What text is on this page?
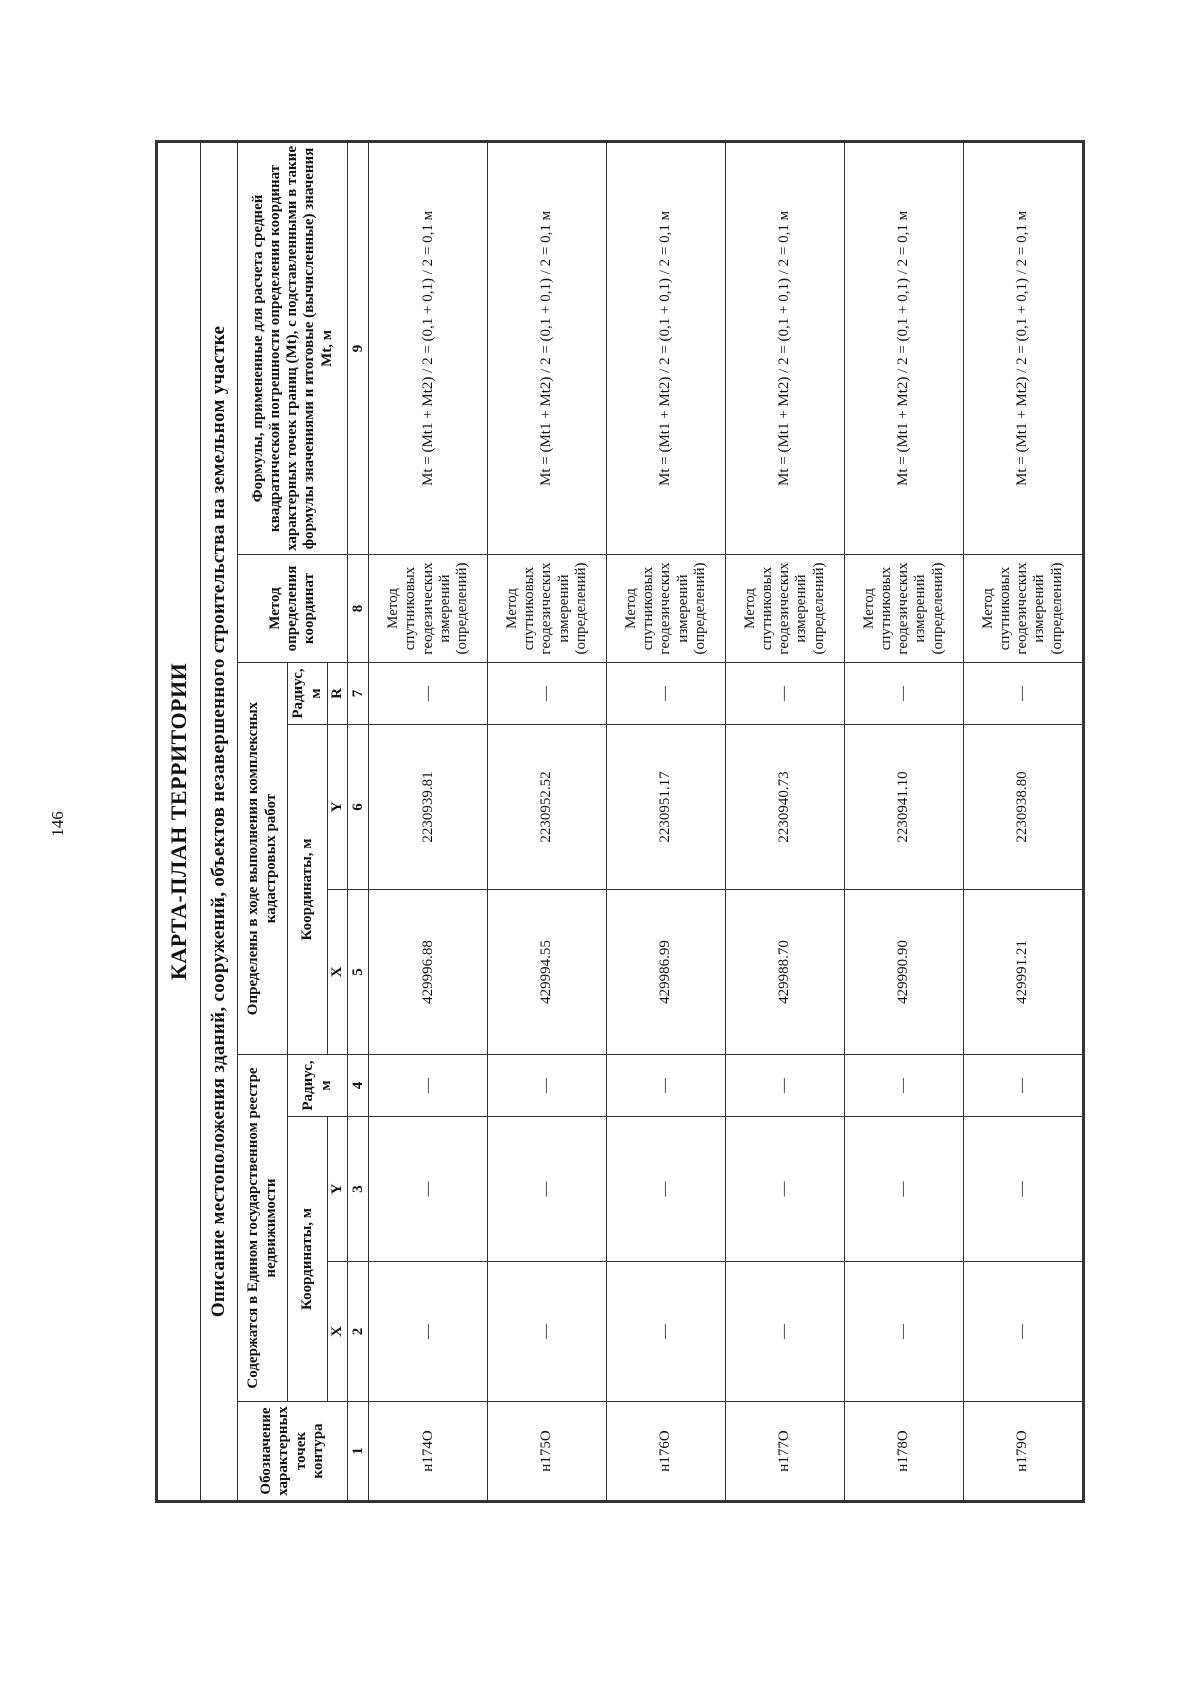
146	КАРТА-ПЛАН ТЕРРИТОРИИ								
Описание местоположения зданий, сооружений, объектов незавершенного строительства на земельном участке								
Обозначение характерных точек контура	Содержатся в Едином государственном реестре недвижимости			Определены в ходе выполнения комплексных кадастровых работ			Метод определения координат	Формулы, примененные для расчета средней квадратической погрешности определения координат характерных точек границ (Mt), с подставленными в такие формулы значениями и итоговые (вычисленные) значения Mt, м
	Координаты, м		Радиус, м	Координаты, м		Радиус, м		
	X	Y		X	Y	R		
1	2	3	4	5	6	7	8	9
н174О	—	—	—	429996.88	2230939.81	—	Метод спутниковых геодезических измерений (определений)	Mt = (Mt1 + Mt2) / 2 = (0,1 + 0,1) / 2 = 0,1 м
н175О	—	—	—	429994.55	2230952.52	—	Метод спутниковых геодезических измерений (определений)	Mt = (Mt1 + Mt2) / 2 = (0,1 + 0,1) / 2 = 0,1 м
н176О	—	—	—	429986.99	2230951.17	—	Метод спутниковых геодезических измерений (определений)	Mt = (Mt1 + Mt2) / 2 = (0,1 + 0,1) / 2 = 0,1 м
н177О	—	—	—	429988.70	2230940.73	—	Метод спутниковых геодезических измерений (определений)	Mt = (Mt1 + Mt2) / 2 = (0,1 + 0,1) / 2 = 0,1 м
н178О	—	—	—	429990.90	2230941.10	—	Метод спутниковых геодезических измерений (определений)	Mt = (Mt1 + Mt2) / 2 = (0,1 + 0,1) / 2 = 0,1 м
н179О	—	—	—	429991.21	2230938.80	—	Метод спутниковых геодезических измерений (определений)	Mt = (Mt1 + Mt2) / 2 = (0,1 + 0,1) / 2 = 0,1 м
